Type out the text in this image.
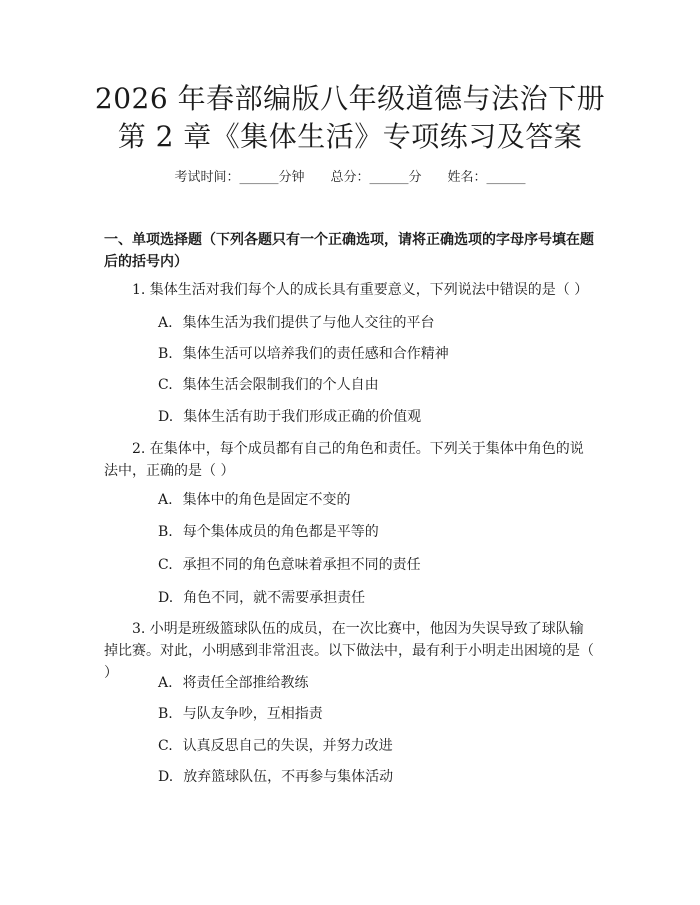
2026 年春部编版八年级道德与法治下册第 2 章《集体生活》专项练习及答案
考试时间：______分钟 总分：______分 姓名：______
一、单项选择题（下列各题只有一个正确选项，请将正确选项的字母序号填在题后的括号内）
1. 集体生活对我们每个人的成长具有重要意义，下列说法中错误的是（ ）
A. 集体生活为我们提供了与他人交往的平台
B. 集体生活可以培养我们的责任感和合作精神
C. 集体生活会限制我们的个人自由
D. 集体生活有助于我们形成正确的价值观
2. 在集体中，每个成员都有自己的角色和责任。下列关于集体中角色的说法中，正确的是（ ）
A. 集体中的角色是固定不变的
B. 每个集体成员的角色都是平等的
C. 承担不同的角色意味着承担不同的责任
D. 角色不同，就不需要承担责任
3. 小明是班级篮球队伍的成员，在一次比赛中，他因为失误导致了球队输掉比赛。对此，小明感到非常沮丧。以下做法中，最有利于小明走出困境的是（ ）
A. 将责任全部推给教练
B. 与队友争吵，互相指责
C. 认真反思自己的失误，并努力改进
D. 放弃篮球队伍，不再参与集体活动
